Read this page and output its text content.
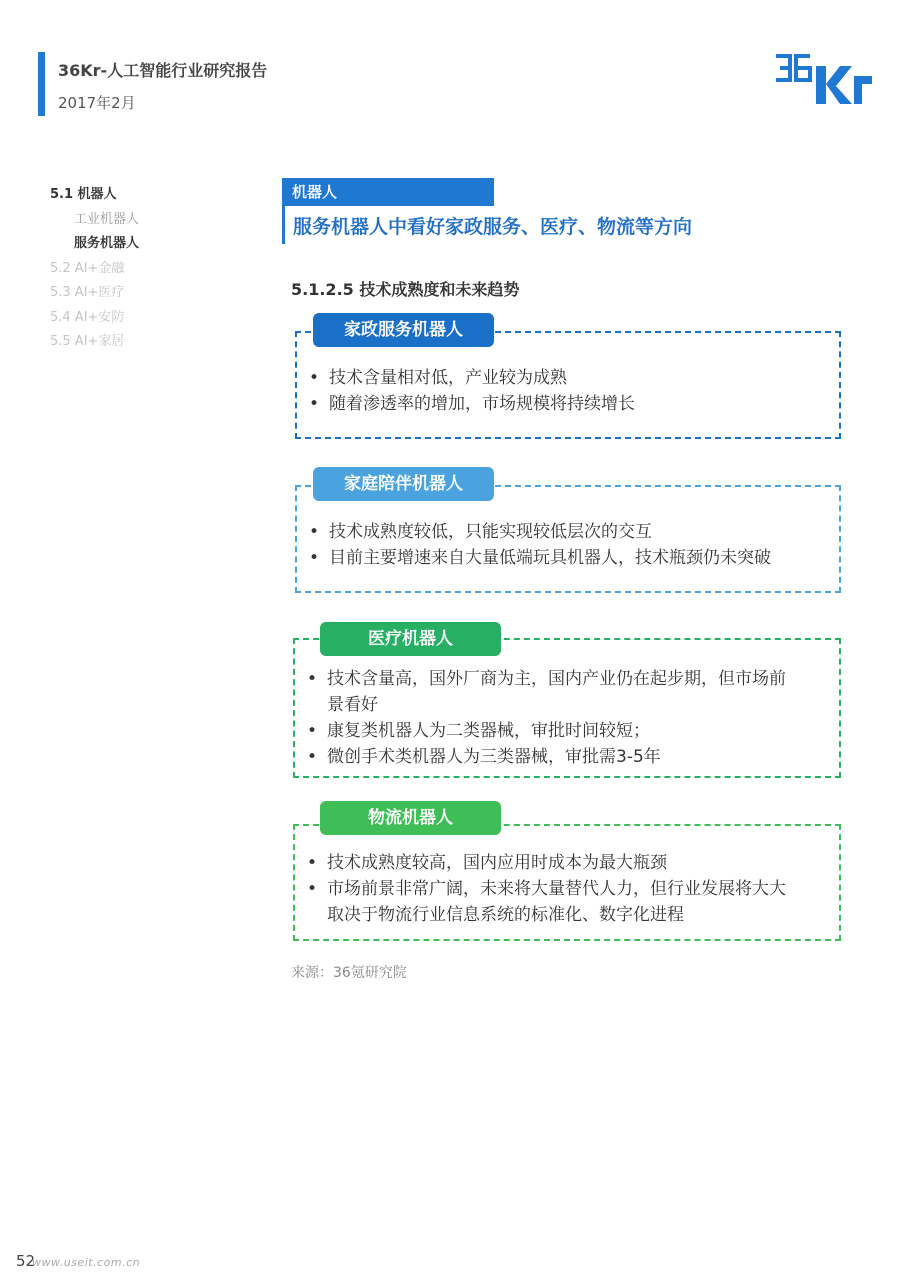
36Kr-人工智能行业研究报告
2017年2月
5.1 机器人
工业机器人
服务机器人
5.2 AI+金融
5.3 AI+医疗
5.4 AI+安防
5.5 AI+家居
机器人
服务机器人中看好家政服务、医疗、物流等方向
5.1.2.5 技术成熟度和未来趋势
• 技术含量相对低，产业较为成熟
• 随着渗透率的增加，市场规模将持续增长
家政服务机器人
• 技术成熟度较低，只能实现较低层次的交互
• 目前主要增速来自大量低端玩具机器人，技术瓶颈仍未突破
家庭陪伴机器人
• 技术含量高，国外厂商为主，国内产业仍在起步期，但市场前
景看好
• 康复类机器人为二类器械，审批时间较短；
• 微创手术类机器人为三类器械，审批需3-5年
医疗机器人
• 技术成熟度较高，国内应用时成本为最大瓶颈
• 市场前景非常广阔，未来将大量替代人力，但行业发展将大大
取决于物流行业信息系统的标准化、数字化进程
物流机器人
来源：36氪研究院
52
www.useit.com.cn
